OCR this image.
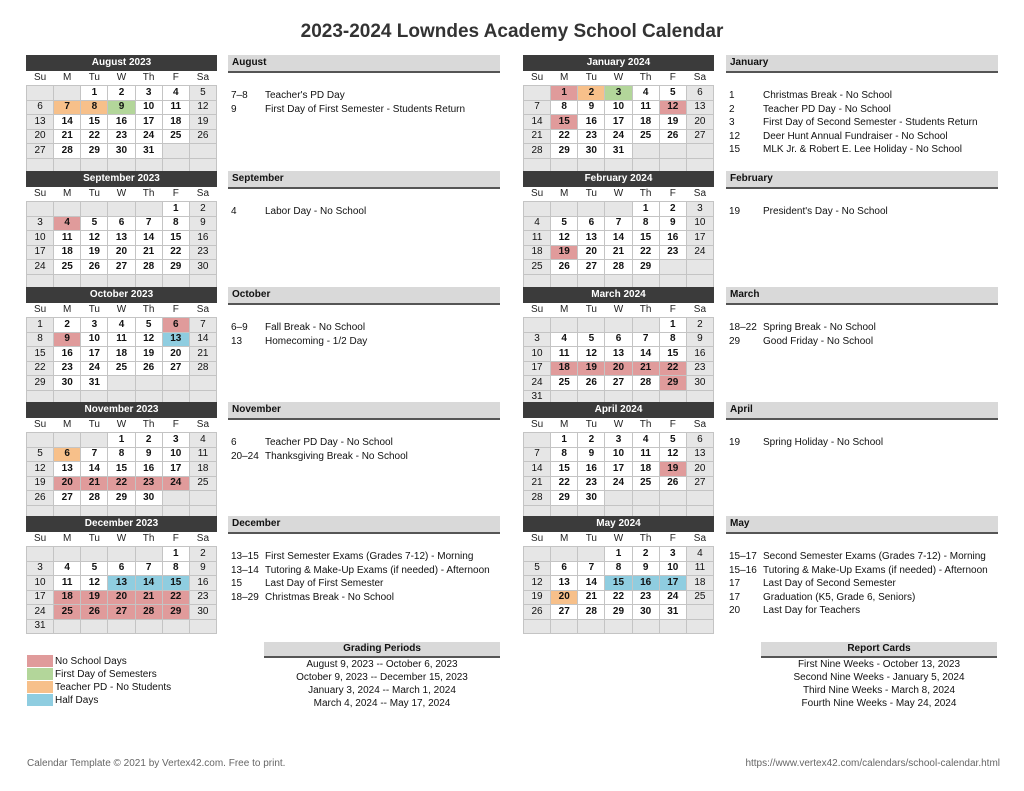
2023-2024 Lowndes Academy School Calendar
August 2023
Su	M	Tu	W	Th	F	Sa
		1	2	3	4	5
6	7	8	9	10	11	12
13	14	15	16	17	18	19
20	21	22	23	24	25	26
27	28	29	30	31		

August
7–8 Teacher's PD Day
9	First Day of First Semester - Students Return
September 2023
Su	M	Tu	W	Th	F	Sa
					1	2
3	4	5	6	7	8	9
10	11	12	13	14	15	16
17	18	19	20	21	22	23
24	25	26	27	28	29	30

September
4	Labor Day - No School
October 2023
Su	M	Tu	W	Th	F	Sa
1	2	3	4	5	6	7
8	9	10	11	12	13	14
15	16	17	18	19	20	21
22	23	24	25	26	27	28
29	30	31				

October
6–9 Fall Break - No School
13 Homecoming - 1/2 Day
November 2023
Su	M	Tu	W	Th	F	Sa
			1	2	3	4
5	6	7	8	9	10	11
12	13	14	15	16	17	18
19	20	21	22	23	24	25
26	27	28	29	30		

November
6	Teacher PD Day - No School
20–24 Thanksgiving Break - No School
December 2023
Su	M	Tu	W	Th	F	Sa
					1	2
3	4	5	6	7	8	9
10	11	12	13	14	15	16
17	18	19	20	21	22	23
24	25	26	27	28	29	30
31						
December
13–15 First Semester Exams (Grades 7-12) - Morning
13–14 Tutoring & Make-Up Exams (if needed) - Afternoon
15 Last Day of First Semester
18–29 Christmas Break - No School
January 2024
Su	M	Tu	W	Th	F	Sa
	1	2	3	4	5	6
7	8	9	10	11	12	13
14	15	16	17	18	19	20
21	22	23	24	25	26	27
28	29	30	31			

January
1	Christmas Break - No School
2	Teacher PD Day - No School
3	First Day of Second Semester - Students Return
12 Deer Hunt Annual Fundraiser - No School
15 MLK Jr. & Robert E. Lee Holiday - No School
February 2024
Su	M	Tu	W	Th	F	Sa
				1	2	3
4	5	6	7	8	9	10
11	12	13	14	15	16	17
18	19	20	21	22	23	24
25	26	27	28	29		

February
19 President's Day - No School
March 2024
Su	M	Tu	W	Th	F	Sa
					1	2
3	4	5	6	7	8	9
10	11	12	13	14	15	16
17	18	19	20	21	22	23
24	25	26	27	28	29	30
31						
March
18–22 Spring Break - No School
29 Good Friday - No School
April 2024
Su	M	Tu	W	Th	F	Sa
	1	2	3	4	5	6
7	8	9	10	11	12	13
14	15	16	17	18	19	20
21	22	23	24	25	26	27
28	29	30				

April
19 Spring Holiday - No School
May 2024
Su	M	Tu	W	Th	F	Sa
			1	2	3	4
5	6	7	8	9	10	11
12	13	14	15	16	17	18
19	20	21	22	23	24	25
26	27	28	29	30	31	

May
15–17 Second Semester Exams (Grades 7-12) - Morning
15–16 Tutoring & Make-Up Exams (if needed) - Afternoon
17 Last Day of Second Semester
17 Graduation (K5, Grade 6, Seniors)
20 Last Day for Teachers
No School Days
First Day of Semesters
Teacher PD - No Students
Half Days
Grading Periods
August 9, 2023 -- October 6, 2023
October 9, 2023 -- December 15, 2023
January 3, 2024 -- March 1, 2024
March 4, 2024 -- May 17, 2024
Report Cards
First Nine Weeks - October 13, 2023
Second Nine Weeks - January 5, 2024
Third Nine Weeks - March 8, 2024
Fourth Nine Weeks - May 24, 2024
Calendar Template © 2021 by Vertex42.com. Free to print.	https://www.vertex42.com/calendars/school-calendar.html
